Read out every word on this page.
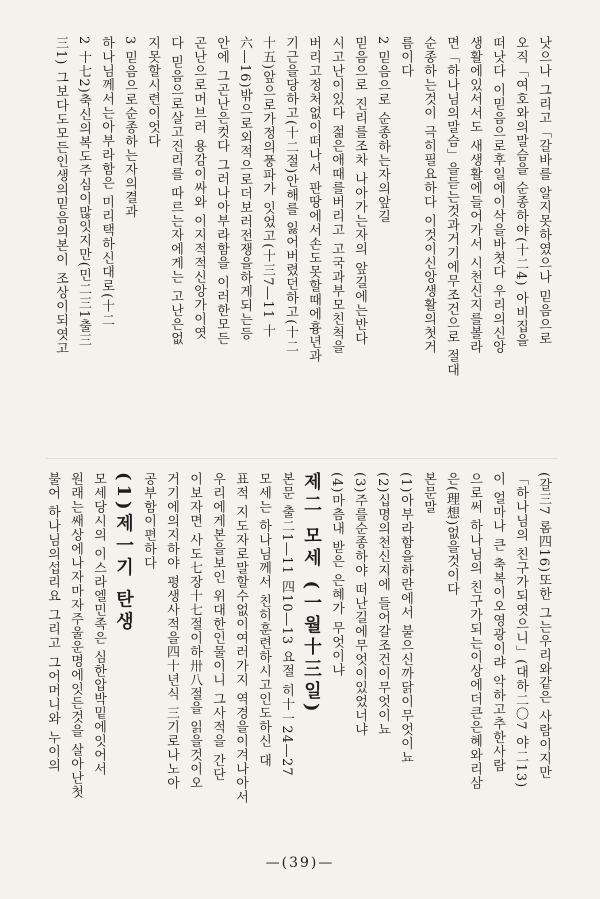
낫으나 그리고「갈바를 알지못하였으나 믿음으로
오직「여호와의말슴을 순종하야(十二4) 아비집을
떠낫다 이믿음으로후일에이삭을바쳣다 우리의신앙
생활에있서서도 새생활에들어가서 시천신지를볼라
면「하나님의말슴」을듣는것과거기에무조건으로 절대
순종하는것이 극히필요하다 이것이신앙생활의첫거
름이다
2 믿음으로 순종하는자의앞길
믿음으로 진리를조차 나아가는자의 앞길에는반다
시고난이있다 젊은애때를버리고 고국과부모친척을
버리고정처없이떠나서 판땅에서손도못할때에흉년과
기근을당하고(十二절)안해를 잃어버렸던하고(十二
十五)앞으로가정의풍파가 잇었고(十三7―11 十
六―16)밖으로외적으로더보러전쟁을하게되는등
안에 그곤난은컷다 그러나아부라함을 이러한모든
곤난으로머브러 용감이싸와 이지적적신앙가이엿
다 믿음으로살고진리를 따르는자에게는 고난은없
지못할시련이엇다
3 믿음으로순종하는자의결과
하나님께서는아부라함은 미리택하신대로(十二
2 十七2)축신의복도주심이많잇지만(민二三1출三
三1) 그보다도모든인생의믿음의본이 조상이되엿고
(갈三7 롬四16)또한 그는우리와같은 사람이지만
「하나님의 친구가되엿으니」(대하二〇7 야二13)
이 얼마나 큰 축복이오영광이랴 악하고추한사람
으로써 하나님의 친구가되는이상에더큰은혜와리삼
은(理想)없을것이다
본문말
(1)아부라함을하란에서 불으신까닭이무엇이뇨
(2)십명의천신지에 들어갈조건이무엇이뇨
(3)주를순종하야 떠난길에무엇이있었너냐
(4)마츰내 받은 은혜가 무엇이냐
제二 모세 (一월十三일)
본문 출二1―11 四10―13 요절 히十一24―27
모세는 하나님께서 친히훈련하시고인도하신 대
표적 지도자로말할수없이여러가지 역경을이겨나아서
우리에게본을보인 위대한인물이니 그사적을 간단
이보자면 사도七장十七절이하卅八절을 읽을것이오
거기에의지하야 평생사적을四十년식 三기로나노아
공부함이편하다
(1)제一기 탄생
모세당시의 이스라엘민족은 심한압박밑에잇어서
원래는쌔상에나자마자주울운명에잇든것을 살아난첫
불어 하나님의섭리요 그리고 그어머니와 누이의
—(39)—
